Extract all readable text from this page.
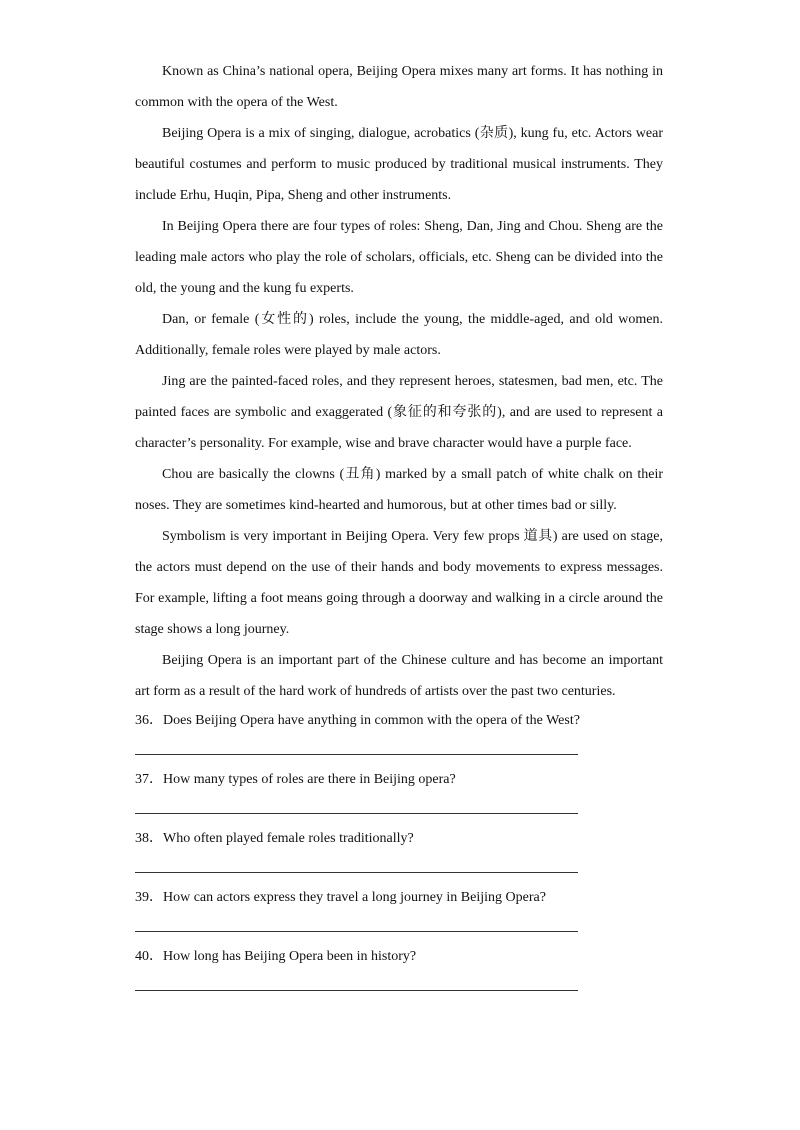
Known as China’s national opera, Beijing Opera mixes many art forms. It has nothing in common with the opera of the West.

Beijing Opera is a mix of singing, dialogue, acrobatics (杂质), kung fu, etc. Actors wear beautiful costumes and perform to music produced by traditional musical instruments. They include Erhu, Huqin, Pipa, Sheng and other instruments.

In Beijing Opera there are four types of roles: Sheng, Dan, Jing and Chou. Sheng are the leading male actors who play the role of scholars, officials, etc. Sheng can be divided into the old, the young and the kung fu experts.

Dan, or female (女性的) roles, include the young, the middle-aged, and old women. Additionally, female roles were played by male actors.

Jing are the painted-faced roles, and they represent heroes, statesmen, bad men, etc. The painted faces are symbolic and exaggerated (象征的和夸张的), and are used to represent a character’s personality. For example, wise and brave character would have a purple face.

Chou are basically the clowns (丑角) marked by a small patch of white chalk on their noses. They are sometimes kind-hearted and humorous, but at other times bad or silly.

Symbolism is very important in Beijing Opera. Very few props 道具) are used on stage, the actors must depend on the use of their hands and body movements to express messages. For example, lifting a foot means going through a doorway and walking in a circle around the stage shows a long journey.

Beijing Opera is an important part of the Chinese culture and has become an important art form as a result of the hard work of hundreds of artists over the past two centuries.

36．Does Beijing Opera have anything in common with the opera of the West?
37．How many types of roles are there in Beijing opera?
38．Who often played female roles traditionally?
39．How can actors express they travel a long journey in Beijing Opera?
40．How long has Beijing Opera been in history?
